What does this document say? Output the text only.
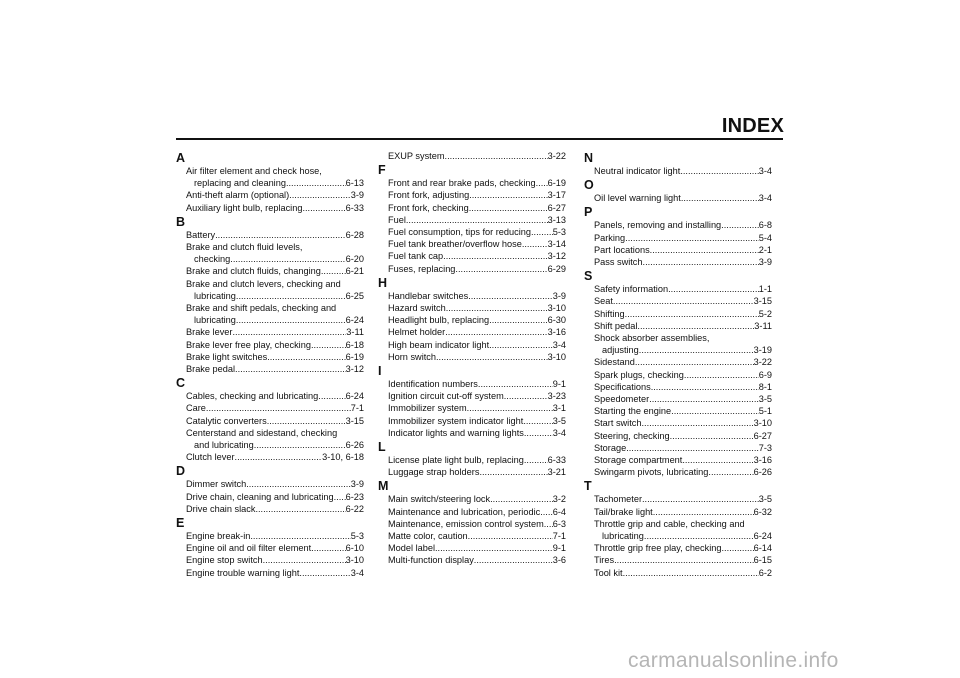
INDEX
A
Air filter element and check hose,
replacing and cleaning .....	6-13
Anti-theft alarm (optional) .....	3-9
Auxiliary light bulb, replacing .....	6-33
B
Battery .....	6-28
Brake and clutch fluid levels,
checking .....	6-20
Brake and clutch fluids, changing .....	6-21
Brake and clutch levers, checking and
lubricating .....	6-25
Brake and shift pedals, checking and
lubricating .....	6-24
Brake lever .....	3-11
Brake lever free play, checking .....	6-18
Brake light switches .....	6-19
Brake pedal .....	3-12
C
Cables, checking and lubricating .....	6-24
Care .....	7-1
Catalytic converters .....	3-15
Centerstand and sidestand, checking
and lubricating .....	6-26
Clutch lever .....	3-10, 6-18
D
Dimmer switch .....	3-9
Drive chain, cleaning and lubricating ..... 6-23
Drive chain slack .....	6-22
E
Engine break-in .....	5-3
Engine oil and oil filter element .....	6-10
Engine stop switch .....	3-10
Engine trouble warning light .....	3-4
EXUP system .....	3-22
F
Front and rear brake pads, checking ..... 6-19
Front fork, adjusting .....	3-17
Front fork, checking .....	6-27
Fuel .....	3-13
Fuel consumption, tips for reducing ..... 5-3
Fuel tank breather/overflow hose .....	3-14
Fuel tank cap .....	3-12
Fuses, replacing .....	6-29
H
Handlebar switches .....	3-9
Hazard switch .....	3-10
Headlight bulb, replacing .....	6-30
Helmet holder .....	3-16
High beam indicator light .....	3-4
Horn switch .....	3-10
I
Identification numbers .....	9-1
Ignition circuit cut-off system .....	3-23
Immobilizer system .....	3-1
Immobilizer system indicator light .....	3-5
Indicator lights and warning lights .....	3-4
L
License plate light bulb, replacing .....	6-33
Luggage strap holders .....	3-21
M
Main switch/steering lock .....	3-2
Maintenance and lubrication, periodic ..... 6-4
Maintenance, emission control system ..... 6-3
Matte color, caution .....	7-1
Model label .....	9-1
Multi-function display .....	3-6
N
Neutral indicator light .....	3-4
O
Oil level warning light .....	3-4
P
Panels, removing and installing .....	6-8
Parking .....	5-4
Part locations .....	2-1
Pass switch .....	3-9
S
Safety information .....	1-1
Seat .....	3-15
Shifting .....	5-2
Shift pedal .....	3-11
Shock absorber assemblies,
adjusting .....	3-19
Sidestand .....	3-22
Spark plugs, checking .....	6-9
Specifications .....	8-1
Speedometer .....	3-5
Starting the engine .....	5-1
Start switch .....	3-10
Steering, checking .....	6-27
Storage .....	7-3
Storage compartment .....	3-16
Swingarm pivots, lubricating .....	6-26
T
Tachometer .....	3-5
Tail/brake light .....	6-32
Throttle grip and cable, checking and
lubricating .....	6-24
Throttle grip free play, checking .....	6-14
Tires .....	6-15
Tool kit .....	6-2
carmanualsonline.info
